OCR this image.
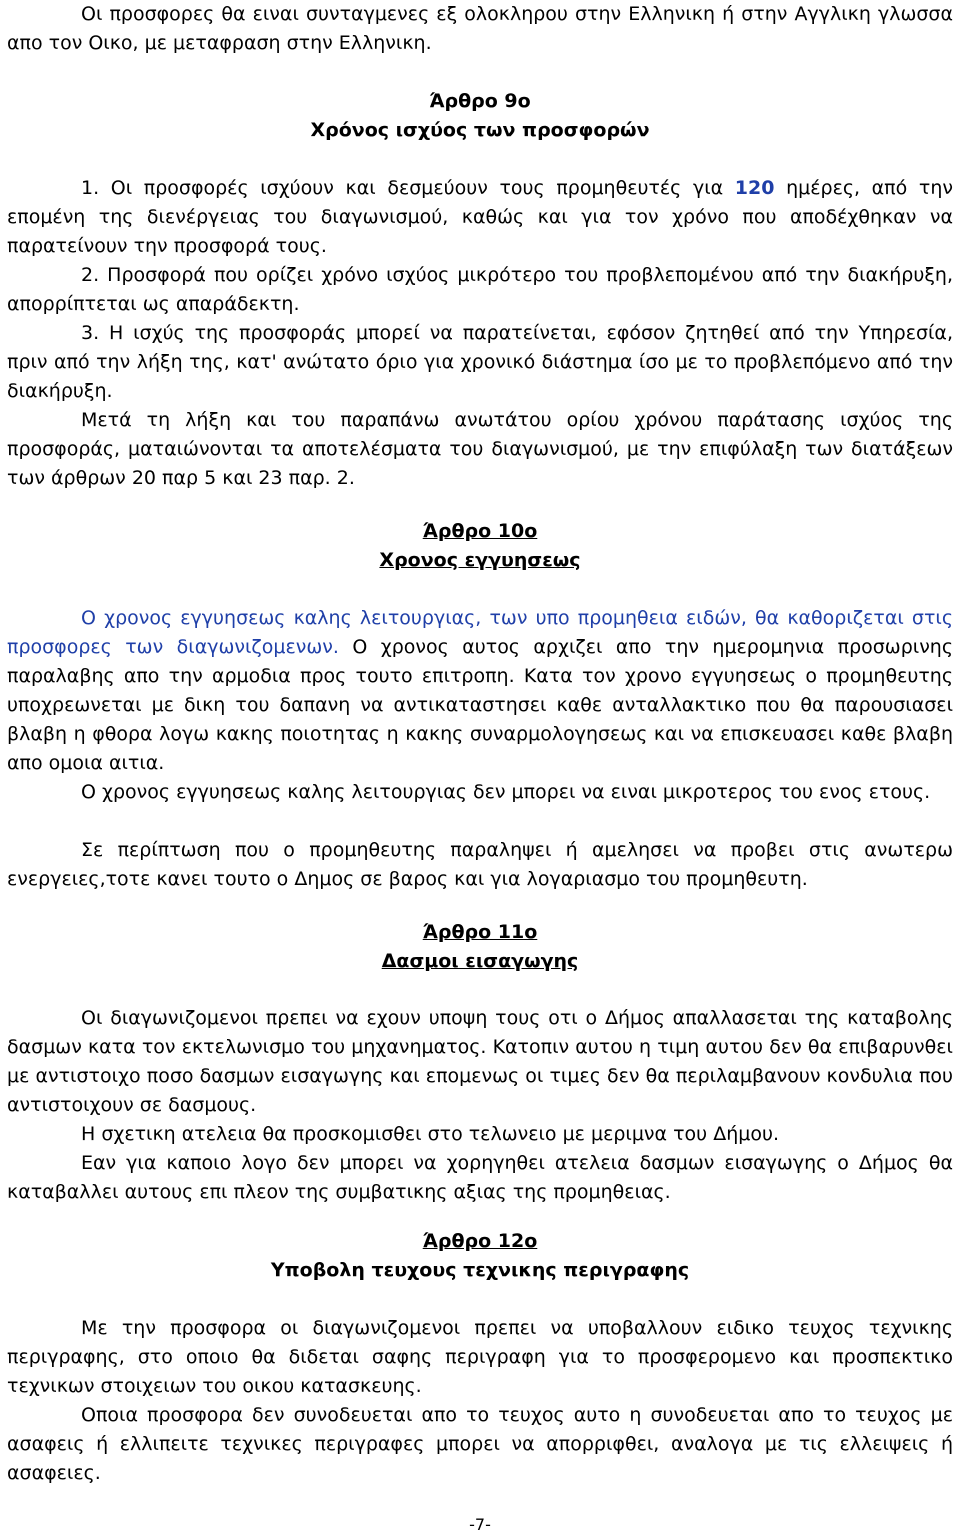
Οι προσφορες θα ειναι συνταγμενες εξ ολοκληρου στην Ελληνικη ή στην Αγγλικη γλωσσα απο τον Οικο, με μεταφραση στην Ελληνικη.

Άρθρο 9ο
Χρόνος ισχύος των προσφορών

1. Οι προσφορές ισχύουν και δεσμεύουν τους προμηθευτές για 120 ημέρες, από την επομένη της διενέργειας του διαγωνισμού, καθώς και για τον χρόνο που αποδέχθηκαν να παρατείνουν την προσφορά τους.

2. Προσφορά που ορίζει χρόνο ισχύος μικρότερο του προβλεπομένου από την διακήρυξη, απορρίπτεται ως απαράδεκτη.

3. Η ισχύς της προσφοράς μπορεί να παρατείνεται, εφόσον ζητηθεί από την Υπηρεσία, πριν από την λήξη της, κατ' ανώτατο όριο για χρονικό διάστημα ίσο με το προβλεπόμενο από την διακήρυξη.

Μετά τη λήξη και του παραπάνω ανωτάτου ορίου χρόνου παράτασης ισχύος της προσφοράς, ματαιώνονται τα αποτελέσματα του διαγωνισμού, με την επιφύλαξη των διατάξεων των άρθρων 20 παρ 5 και 23 παρ. 2.

Άρθρο 10ο
Χρονος εγγυησεως

Ο χρονος εγγυησεως καλης λειτουργιας, των υπο προμηθεια ειδών, θα καθοριζεται στις προσφορες των διαγωνιζομενων. Ο χρονος αυτος αρχιζει απο την ημερομηνια προσωρινης παραλαβης απο την αρμοδια προς τουτο επιτροπη. Κατα τον χρονο εγγυησεως ο προμηθευτης υποχρεωνεται με δικη του δαπανη να αντικαταστησει καθε ανταλλακτικο που θα παρουσιασει βλαβη η φθορα λογω κακης ποιοτητας η κακης συναρμολογησεως και να επισκευασει καθε βλαβη απο ομοια αιτια.

Ο χρονος εγγυησεως καλης λειτουργιας δεν μπορει να ειναι μικροτερος του ενος ετους.

Σε περίπτωση που ο προμηθευτης παραληψει ή αμελησει να προβει στις ανωτερω ενεργειες,τοτε κανει τουτο ο Δημος σε βαρος και για λογαριασμο του προμηθευτη.

Άρθρο 11ο
Δασμοι εισαγωγης

Οι διαγωνιζομενοι πρεπει να εχουν υποψη τους οτι ο Δήμος απαλλασεται της καταβολης δασμων κατα τον εκτελωνισμο του μηχανηματος. Κατοπιν αυτου η τιμη αυτου δεν θα επιβαρυνθει με αντιστοιχο ποσο δασμων εισαγωγης και επομενως οι τιμες δεν θα περιλαμβανουν κονδυλια που αντιστοιχουν σε δασμους.

Η σχετικη ατελεια θα προσκομισθει στο τελωνειο με μεριμνα του Δήμου.

Εαν για καποιο λογο δεν μπορει να χορηγηθει ατελεια δασμων εισαγωγης ο Δήμος θα καταβαλλει αυτους επι πλεον της συμβατικης αξιας της προμηθειας.

Άρθρο 12ο
Υποβολη τευχους τεχνικης περιγραφης

Με την προσφορα οι διαγωνιζομενοι πρεπει να υποβαλλουν ειδικο τευχος τεχνικης περιγραφης, στο οποιο θα διδεται σαφης περιγραφη για το προσφερομενο και προσπεκτικο τεχνικων στοιχειων του οικου κατασκευης.

Οποια προσφορα δεν συνοδευεται απο το τευχος αυτο η συνοδευεται απο το τευχος με ασαφεις ή ελλιπειτε τεχνικες περιγραφες μπορει να απορριφθει, αναλογα με τις ελλειψεις ή ασαφειες.

-7-
